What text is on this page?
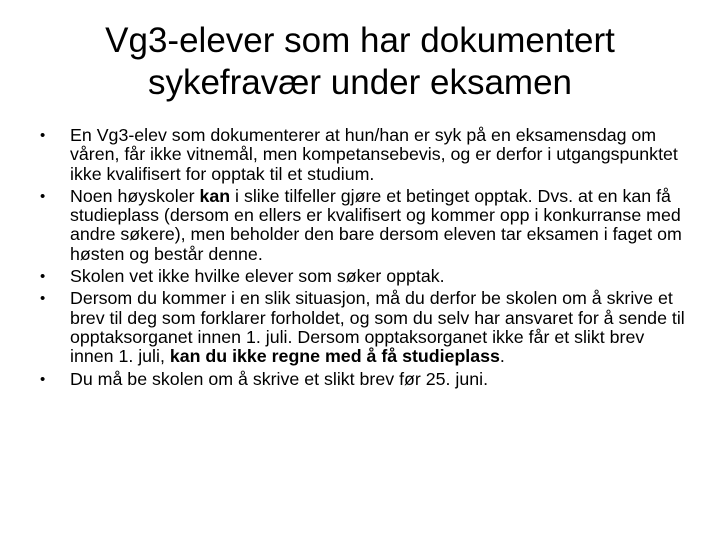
Vg3-elever som har dokumentert
sykefravær under eksamen
• En Vg3-elev som dokumenterer at hun/han er syk på en eksamensdag om våren, får ikke vitnemål, men kompetansebevis, og er derfor i utgangspunktet ikke kvalifisert for opptak til et studium.
• Noen høyskoler kan i slike tilfeller gjøre et betinget opptak. Dvs. at en kan få studieplass (dersom en ellers er kvalifisert og kommer opp i konkurranse med andre søkere), men beholder den bare dersom eleven tar eksamen i faget om høsten og består denne.
• Skolen vet ikke hvilke elever som søker opptak.
• Dersom du kommer i en slik situasjon, må du derfor be skolen om å skrive et brev til deg som forklarer forholdet, og som du selv har ansvaret for å sende til opptaksorganet innen 1. juli. Dersom opptaksorganet ikke får et slikt brev innen 1. juli, kan du ikke regne med å få studieplass.
• Du må be skolen om å skrive et slikt brev før 25. juni.
